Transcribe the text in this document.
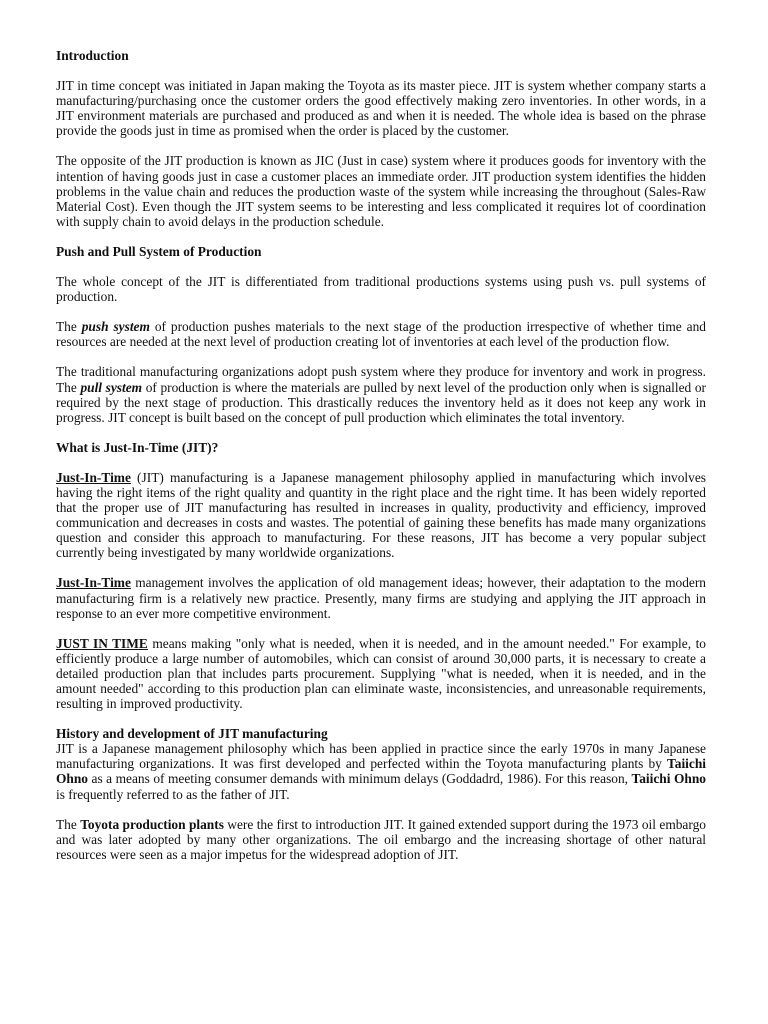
Introduction

JIT in time concept was initiated in Japan making the Toyota as its master piece. JIT is system whether company starts a manufacturing/purchasing once the customer orders the good effectively making zero inventories. In other words, in a JIT environment materials are purchased and produced as and when it is needed. The whole idea is based on the phrase provide the goods just in time as promised when the order is placed by the customer.

The opposite of the JIT production is known as JIC (Just in case) system where it produces goods for inventory with the intention of having goods just in case a customer places an immediate order. JIT production system identifies the hidden problems in the value chain and reduces the production waste of the system while increasing the throughout (Sales-Raw Material Cost). Even though the JIT system seems to be interesting and less complicated it requires lot of coordination with supply chain to avoid delays in the production schedule.

Push and Pull System of Production

The whole concept of the JIT is differentiated from traditional productions systems using push vs. pull systems of production.

The push system of production pushes materials to the next stage of the production irrespective of whether time and resources are needed at the next level of production creating lot of inventories at each level of the production flow.

The traditional manufacturing organizations adopt push system where they produce for inventory and work in progress. The pull system of production is where the materials are pulled by next level of the production only when is signalled or required by the next stage of production. This drastically reduces the inventory held as it does not keep any work in progress. JIT concept is built based on the concept of pull production which eliminates the total inventory.

What is Just-In-Time (JIT)?

Just-In-Time (JIT) manufacturing is a Japanese management philosophy applied in manufacturing which involves having the right items of the right quality and quantity in the right place and the right time. It has been widely reported that the proper use of JIT manufacturing has resulted in increases in quality, productivity and efficiency, improved communication and decreases in costs and wastes. The potential of gaining these benefits has made many organizations question and consider this approach to manufacturing. For these reasons, JIT has become a very popular subject currently being investigated by many worldwide organizations.

Just-In-Time management involves the application of old management ideas; however, their adaptation to the modern manufacturing firm is a relatively new practice. Presently, many firms are studying and applying the JIT approach in response to an ever more competitive environment.

JUST IN TIME means making "only what is needed, when it is needed, and in the amount needed." For example, to efficiently produce a large number of automobiles, which can consist of around 30,000 parts, it is necessary to create a detailed production plan that includes parts procurement. Supplying "what is needed, when it is needed, and in the amount needed" according to this production plan can eliminate waste, inconsistencies, and unreasonable requirements, resulting in improved productivity.

History and development of JIT manufacturing

JIT is a Japanese management philosophy which has been applied in practice since the early 1970s in many Japanese manufacturing organizations. It was first developed and perfected within the Toyota manufacturing plants by Taiichi Ohno as a means of meeting consumer demands with minimum delays (Goddadrd, 1986). For this reason, Taiichi Ohno is frequently referred to as the father of JIT.

The Toyota production plants were the first to introduction JIT. It gained extended support during the 1973 oil embargo and was later adopted by many other organizations. The oil embargo and the increasing shortage of other natural resources were seen as a major impetus for the widespread adoption of JIT.
